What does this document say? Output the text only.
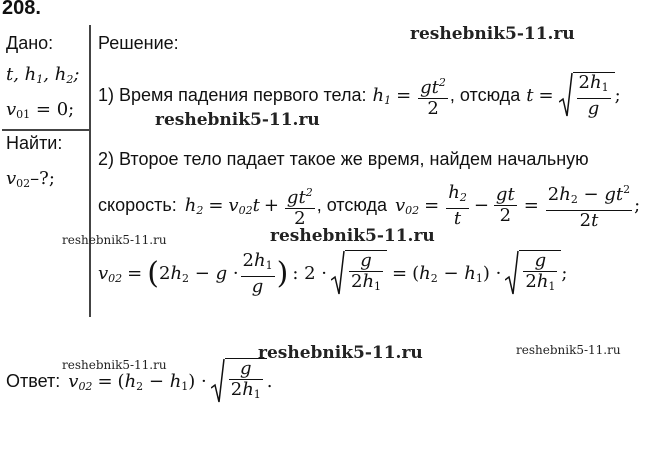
208.
Дано:
t, $h_1$, $h_2$;
$v_{01} = 0$;
Найти:
$v_{02}-$?;
Решение:
1) Время падения первого тела: $h_1 = \frac{gt^2}{2}$ , отсюда $t = \frac{2h_1}{g}$ ;
2) Второе тело падает такое же время, найдем начальную
скорость: $h_2 = v_{02}t + \frac{gt^2}{2}$ , отсюда $v_{02} = \frac{h_2}{t} - \frac{gt}{2} = \frac{2h_2 - gt^2}{2t}$ ;
$v_{02}$ = ( $2h_2 - g \cdot \frac{2h_1}{g}$ ) : $2 \cdot \frac{g}{2h_1} = (h_2 - h_1) \cdot \frac{g}{2h_1}$ ;
Ответ: $v_{02} = (h_2 - h_1) \cdot \frac{g}{2h_1}$ .
reshebnik5-11.ru
reshebnik5-11.ru
reshebnik5-11.ru	reshebnik5-11.ru
reshebnik5-11.ru
reshebnik5-11.ru	reshebnik5-11.ru
